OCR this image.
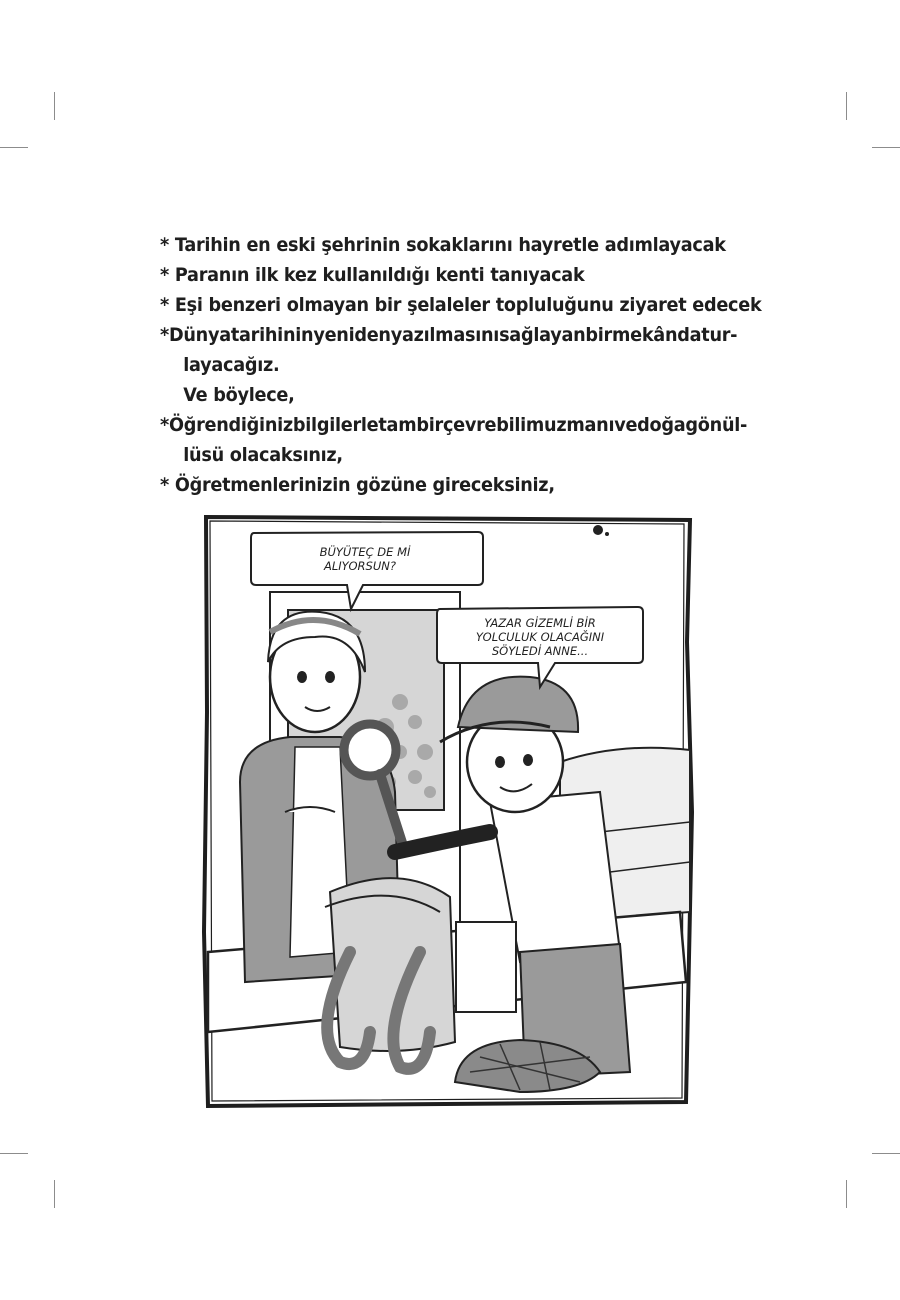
* Tarihin en eski şehrinin sokaklarını hayretle adımlayacak
* Paranın ilk kez kullanıldığı kenti tanıyacak
* Eşi benzeri olmayan bir şelaleler topluluğunu ziyaret edecek
* Dünya tarihinin yeniden yazılmasını sağlayan bir mekânda tur-
layacağız.
Ve böylece,
* Öğrendiğiniz bilgilerle tam bir çevrebilim uzmanı ve doğa gönül-
lüsü olacaksınız,
* Öğretmenlerinizin gözüne gireceksiniz,
BÜYÜTEÇ DE Mİ
ALIYORSUN?
YAZAR GİZEMLİ BİR
YOLCULUK OLACAĞINI
SÖYLEDİ ANNE...
